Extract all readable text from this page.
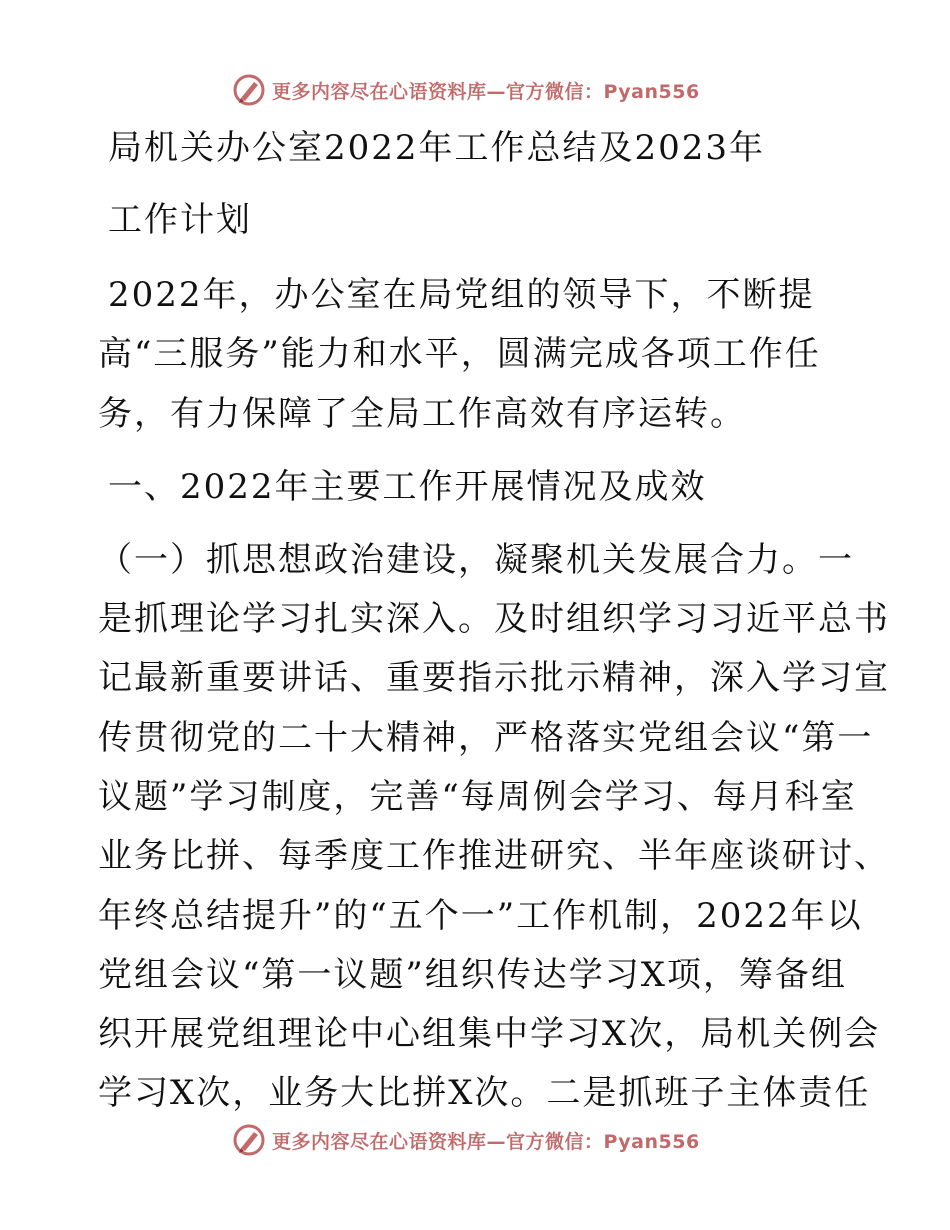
更多内容尽在心语资料库—官方微信：Pyan556
局机关办公室2022年工作总结及2023年
工作计划
2022年，办公室在局党组的领导下，不断提
高“三服务”能力和水平，圆满完成各项工作任
务，有力保障了全局工作高效有序运转。
一、2022年主要工作开展情况及成效
（一）抓思想政治建设，凝聚机关发展合力。一
是抓理论学习扎实深入。及时组织学习习近平总书
记最新重要讲话、重要指示批示精神，深入学习宣
传贯彻党的二十大精神，严格落实党组会议“第一
议题”学习制度，完善“每周例会学习、每月科室
业务比拼、每季度工作推进研究、半年座谈研讨、
年终总结提升”的“五个一”工作机制，2022年以
党组会议“第一议题”组织传达学习X项，筹备组
织开展党组理论中心组集中学习X次，局机关例会
学习X次，业务大比拼X次。二是抓班子主体责任
更多内容尽在心语资料库—官方微信：Pyan556
